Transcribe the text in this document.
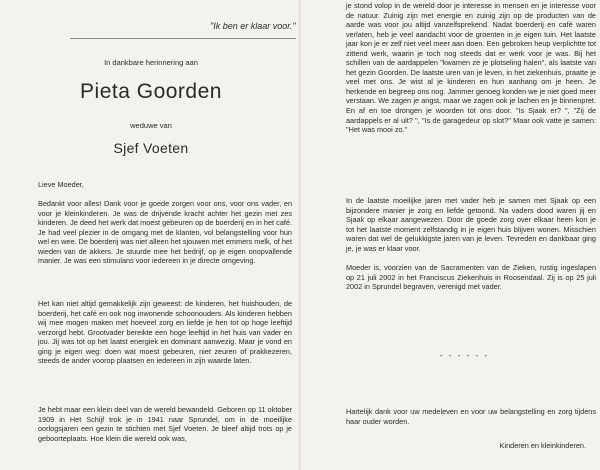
"Ik ben er klaar voor."
In dankbare herinnering aan
Pieta Goorden
weduwe van
Sjef Voeten
Lieve Moeder,
Bedankt voor alles! Dank voor je goede zorgen voor ons, voor ons vader, en voor je kleinkinderen. Je was de drijvende kracht achter het gezin met zes kinderen. Je deed het werk dat moest gebeuren op de boerderij en in het café. Je had veel plezier in de omgang met de klanten, vol belangstelling voor hun wel en wee. De boerderij was niet alleen het sjouwen met emmers melk, of het wieden van de akkers. Je stuurde mee het bedrijf, op je eigen onopvallende manier. Je was een stimulans voor iedereen in je directe omgeving.
Het kan niet altijd gemakkelijk zijn geweest: de kinderen, het huishouden, de boerderij, het café en ook nog inwonende schoonouders. Als kinderen hebben wij mee mogen maken met hoeveel zorg en liefde je hen tot op hoge leeftijd verzorgd hebt. Grootvader bereikte een hoge leeftijd in het huis van vader en jou. Jij was tot op het laatst energiek en dominant aanwezig. Maar je vond en ging je eigen weg: doen wat moest gebeuren, niet zeuren of prakkezeren, steeds de ander voorop plaatsen en iedereen in zijn waarde laten.
Je hebt maar een klein deel van de wereld bewandeld. Geboren op 11 oktober 1909 in Het Schijf trok je in 1941 naar Sprundel, om in de moeilijke oorlogsjaren een gezin te stichten met Sjef Voeten. Je bleef altijd trots op je geboorteplaats. Hoe klein die wereld ook was,
je stond volop in de wereld door je interesse in mensen en je interesse voor de natuur. Zuinig zijn met energie en zuinig zijn op de producten van de aarde was voor jou altijd vanzelfsprekend. Nadat boerderij en café waren verlaten, heb je veel aandacht voor de groenten in je eigen tuin. Het laatste jaar kon je er zelf niet veel meer aan doen. Een gebroken heup verplichtte tot zittend werk, waarin je toch nog steeds dat er werk voor je was. Bij het schillen van de aardappelen "kwamen ze je plotseling halen", als laatste van het gezin Goorden. De laatste uren van je leven, in het ziekenhuis, praatte je veel met ons. Je wist al je kinderen en hun aanhang om je heen. Je herkende en begreep ons nog. Jammer genoeg konden we je niet goed meer verstaan. We zagen je angst, maar we zagen ook je lachen en je binnenpret. En af en toe drongen je woorden tot ons door. "Is Sjaak er? ", "Zij de aardappels er al uit? ", "Is de garagedeur op slot?" Maar ook vatte je samen: "Het was mooi zo."
In de laatste moeilijke jaren met vader heb je samen met Sjaak op een bijzondere manier je zorg en liefde getoond. Na vaders dood waren jij en Sjaak op elkaar aangewezen. Door de goede zorg over elkaar heen kon je tot het laatste moment zelfstandig in je eigen huis blijven wonen. Misschien waren dat wel de gelukkigste jaren van je leven. Tevreden en dankbaar ging je, je was er klaar voor.
Moeder is, voorzien van de Sacramenten van de Zieken, rustig ingeslapen op 21 juli 2002 in het Franciscus Ziekenhuis in Roosendaal. Zij is op 25 juli 2002 in Sprundel begraven, verenigd met vader.
- - - - - -
Hartelijk dank voor uw medeleven en voor uw belangstelling en zorg tijdens haar ouder worden.
Kinderen en kleinkinderen.
